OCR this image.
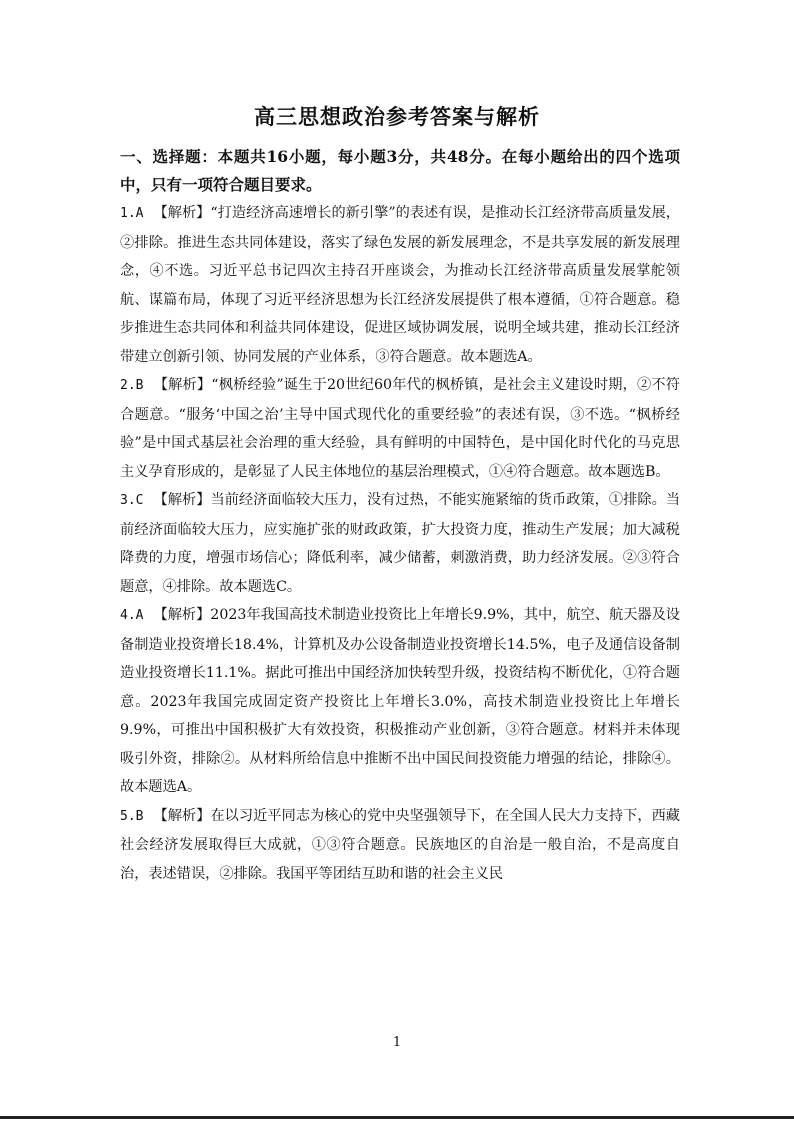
高三思想政治参考答案与解析
一、选择题：本题共16小题，每小题3分，共48分。在每小题给出的四个选项中，只有一项符合题目要求。
1.A 【解析】“打造经济高速增长的新引擎”的表述有误，是推动长江经济带高质量发展，②排除。推进生态共同体建设，落实了绿色发展的新发展理念，不是共享发展的新发展理念，④不选。习近平总书记四次主持召开座谈会，为推动长江经济带高质量发展掌舵领航、谋篇布局，体现了习近平经济思想为长江经济发展提供了根本遵循，①符合题意。稳步推进生态共同体和利益共同体建设，促进区域协调发展，说明全域共建，推动长江经济带建立创新引领、协同发展的产业体系，③符合题意。故本题选A。
2.B 【解析】“枫桥经验”诞生于20世纪60年代的枫桥镇，是社会主义建设时期，②不符合题意。“服务‘中国之治’主导中国式现代化的重要经验”的表述有误，③不选。“枫桥经验”是中国式基层社会治理的重大经验，具有鲜明的中国特色，是中国化时代化的马克思主义孕育形成的，是彰显了人民主体地位的基层治理模式，①④符合题意。故本题选B。
3.C 【解析】当前经济面临较大压力，没有过热，不能实施紧缩的货币政策，①排除。当前经济面临较大压力，应实施扩张的财政政策，扩大投资力度，推动生产发展；加大减税降费的力度，增强市场信心；降低利率，减少储蓄，刺激消费，助力经济发展。②③符合题意，④排除。故本题选C。
4.A 【解析】2023年我国高技术制造业投资比上年增长9.9%，其中，航空、航天器及设备制造业投资增长18.4%，计算机及办公设备制造业投资增长14.5%，电子及通信设备制造业投资增长11.1%。据此可推出中国经济加快转型升级，投资结构不断优化，①符合题意。2023年我国完成固定资产投资比上年增长3.0%，高技术制造业投资比上年增长9.9%，可推出中国积极扩大有效投资，积极推动产业创新，③符合题意。材料并未体现吸引外资，排除②。从材料所给信息中推断不出中国民间投资能力增强的结论，排除④。故本题选A。
5.B 【解析】在以习近平同志为核心的党中央坚强领导下，在全国人民大力支持下，西藏社会经济发展取得巨大成就，①③符合题意。民族地区的自治是一般自治，不是高度自治，表述错误，②排除。我国平等团结互助和谐的社会主义民
1
